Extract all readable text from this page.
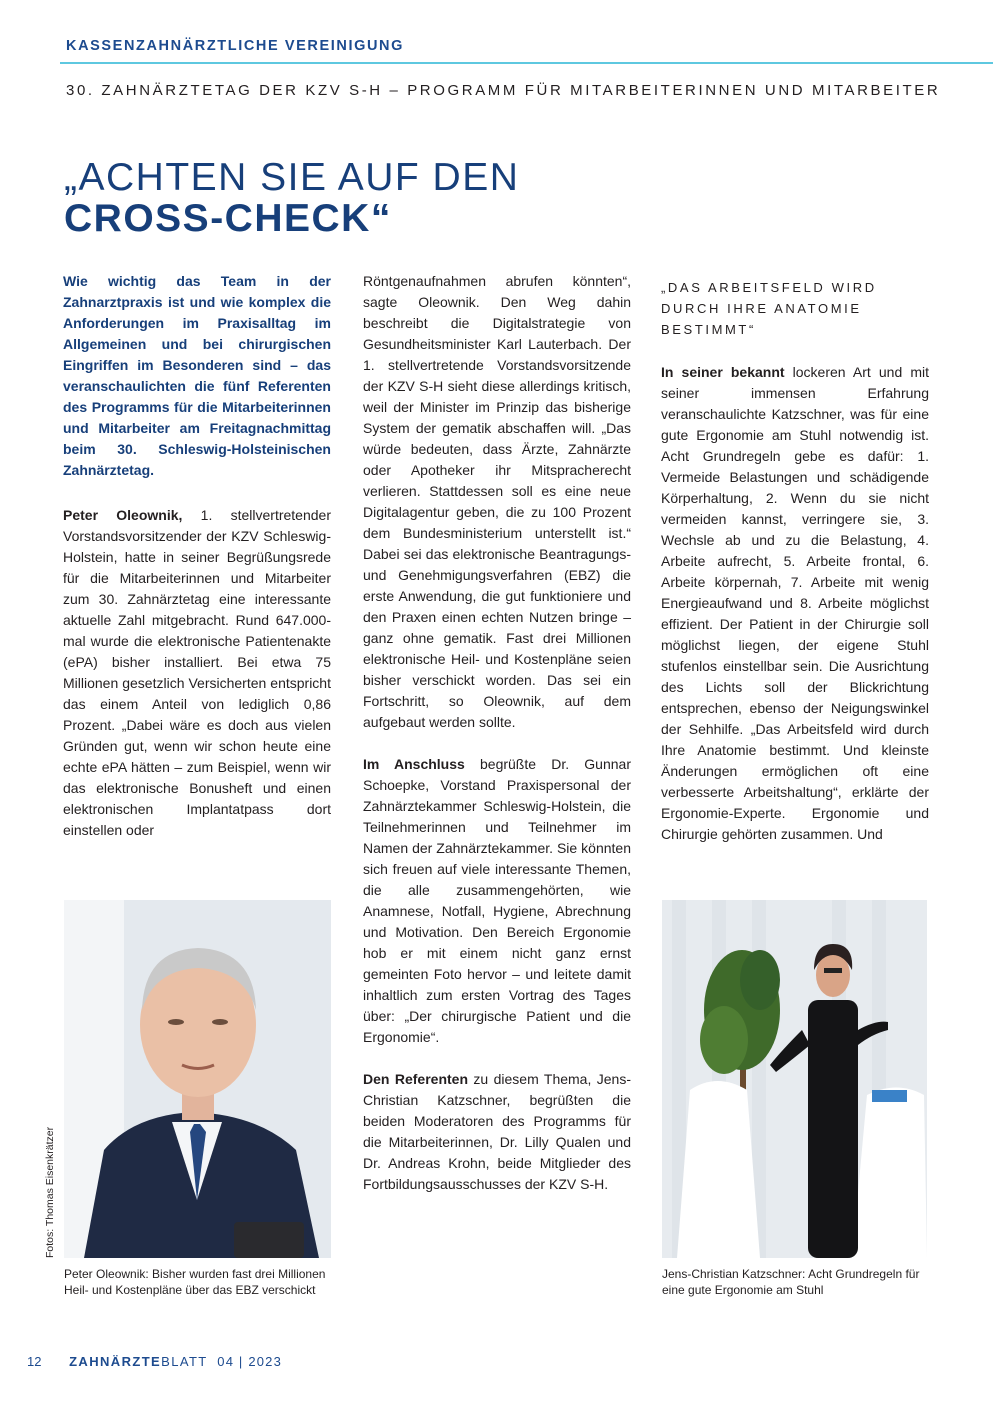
KASSENZAHNÄRZTLICHE VEREINIGUNG
30. ZAHNÄRZTETAG DER KZV S-H – PROGRAMM FÜR MITARBEITERINNEN UND MITARBEITER
„ACHTEN SIE AUF DEN
CROSS-CHECK“

Wie wichtig das Team in der Zahnarztpraxis ist und wie komplex die Anforderungen im Praxisalltag im Allgemeinen und bei chirurgischen Eingriffen im Besonderen sind – das veranschaulichten die fünf Referenten des Programms für die Mitarbeiterinnen und Mitarbeiter am Freitagnachmittag beim 30. Schleswig-Holsteinischen Zahnärztetag.

Peter Oleownik, 1. stellvertretender Vorstandsvorsitzender der KZV Schleswig-Holstein, hatte in seiner Begrüßungsrede für die Mitarbeiterinnen und Mitarbeiter zum 30. Zahnärztetag eine interessante aktuelle Zahl mitgebracht. Rund 647.000-mal wurde die elektronische Patientenakte (ePA) bisher installiert. Bei etwa 75 Millionen gesetzlich Versicherten entspricht das einem Anteil von lediglich 0,86 Prozent. „Dabei wäre es doch aus vielen Gründen gut, wenn wir schon heute eine echte ePA hätten – zum Beispiel, wenn wir das elektronische Bonusheft und einen elektronischen Implantatpass dort einstellen oder

Röntgenaufnahmen abrufen könnten“, sagte Oleownik. Den Weg dahin beschreibt die Digitalstrategie von Gesundheitsminister Karl Lauterbach. Der 1. stellvertretende Vorstandsvorsitzende der KZV S-H sieht diese allerdings kritisch, weil der Minister im Prinzip das bisherige System der gematik abschaffen will. „Das würde bedeuten, dass Ärzte, Zahnärzte oder Apotheker ihr Mitspracherecht verlieren. Stattdessen soll es eine neue Digitalagentur geben, die zu 100 Prozent dem Bundesministerium unterstellt ist.“ Dabei sei das elektronische Beantragungs- und Genehmigungsverfahren (EBZ) die erste Anwendung, die gut funktioniere und den Praxen einen echten Nutzen bringe – ganz ohne gematik. Fast drei Millionen elektronische Heil- und Kostenpläne seien bisher verschickt worden. Das sei ein Fortschritt, so Oleownik, auf dem aufgebaut werden sollte.

Im Anschluss begrüßte Dr. Gunnar Schoepke, Vorstand Praxispersonal der Zahnärztekammer Schleswig-Holstein, die Teilnehmerinnen und Teilnehmer im Namen der Zahnärztekammer. Sie könnten sich freuen auf viele interessante Themen, die alle zusammengehörten, wie Anamnese, Notfall, Hygiene, Abrechnung und Motivation. Den Bereich Ergonomie hob er mit einem nicht ganz ernst gemeinten Foto hervor – und leitete damit inhaltlich zum ersten Vortrag des Tages über: „Der chirurgische Patient und die Ergonomie“.

Den Referenten zu diesem Thema, Jens-Christian Katzschner, begrüßten die beiden Moderatoren des Programms für die Mitarbeiterinnen, Dr. Lilly Qualen und Dr. Andreas Krohn, beide Mitglieder des Fortbildungsausschusses der KZV S-H.

„DAS ARBEITSFELD WIRD DURCH IHRE ANATOMIE BESTIMMT“

In seiner bekannt lockeren Art und mit seiner immensen Erfahrung veranschaulichte Katzschner, was für eine gute Ergonomie am Stuhl notwendig ist. Acht Grundregeln gebe es dafür: 1. Vermeide Belastungen und schädigende Körperhaltung, 2. Wenn du sie nicht vermeiden kannst, verringere sie, 3. Wechsle ab und zu die Belastung, 4. Arbeite aufrecht, 5. Arbeite frontal, 6. Arbeite körpernah, 7. Arbeite mit wenig Energieaufwand und 8. Arbeite möglichst effizient. Der Patient in der Chirurgie soll möglichst liegen, der eigene Stuhl stufenlos einstellbar sein. Die Ausrichtung des Lichts soll der Blickrichtung entsprechen, ebenso der Neigungswinkel der Sehhilfe. „Das Arbeitsfeld wird durch Ihre Anatomie bestimmt. Und kleinste Änderungen ermöglichen oft eine verbesserte Arbeitshaltung“, erklärte der Ergonomie-Experte. Ergonomie und Chirurgie gehörten zusammen. Und

Fotos: Thomas Eisenkrätzer
Peter Oleownik: Bisher wurden fast drei Millionen Heil- und Kostenpläne über das EBZ verschickt
Jens-Christian Katzschner: Acht Grundregeln für eine gute Ergonomie am Stuhl
12 ZAHNÄRZTEBLATT 04 | 2023
